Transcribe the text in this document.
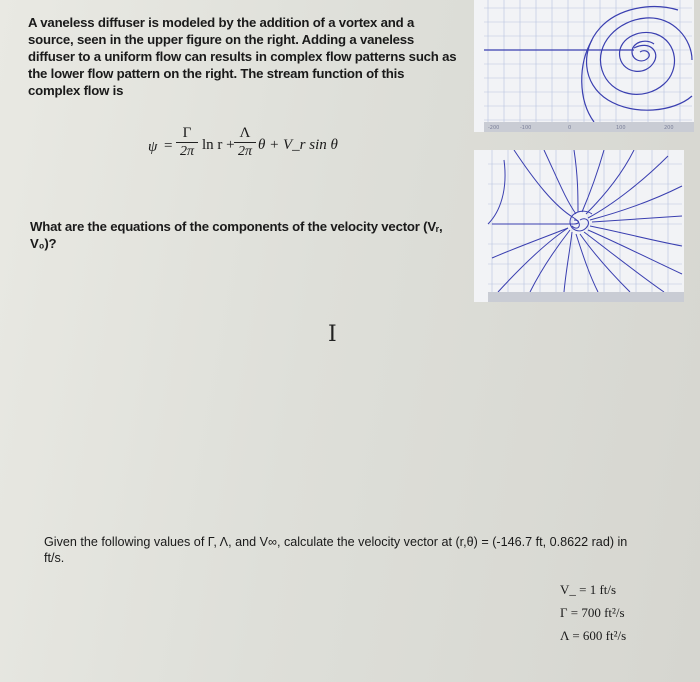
A vaneless diffuser is modeled by the addition of a vortex and a source, seen in the upper figure on the right. Adding a vaneless diffuser to a uniform flow can results in complex flow patterns such as the lower flow pattern on the right. The stream function of this complex flow is
ψ =
Γ
2π ln r +
Λ
2π θ + V_r sin θ
What are the equations of the components of the velocity vector (Vᵣ, V₀)?
I
Given the following values of Γ, Λ, and V∞, calculate the velocity vector at (r,θ) = (-146.7 ft, 0.8622 rad) in ft/s.
V_ = 1 ft/s
Γ = 700 ft²/s
Λ = 600 ft²/s
-200	-100	0	100	200
